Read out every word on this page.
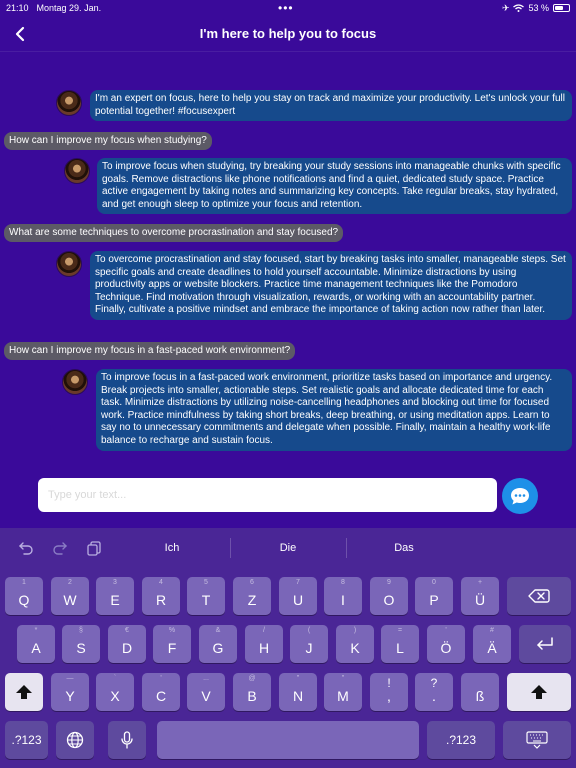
21:10 Montag 29. Jan.	•••	✈ 53 %
I'm here to help you to focus
I'm an expert on focus, here to help you stay on track and maximize your productivity. Let's unlock your full potential together! #focusexpert
How can I improve my focus when studying?
To improve focus when studying, try breaking your study sessions into manageable chunks with specific goals. Remove distractions like phone notifications and find a quiet, dedicated study space. Practice active engagement by taking notes and summarizing key concepts. Take regular breaks, stay hydrated, and get enough sleep to optimize your focus and retention.
What are some techniques to overcome procrastination and stay focused?
To overcome procrastination and stay focused, start by breaking tasks into smaller, manageable steps. Set specific goals and create deadlines to hold yourself accountable. Minimize distractions by using productivity apps or website blockers. Practice time management techniques like the Pomodoro Technique. Find motivation through visualization, rewards, or working with an accountability partner. Finally, cultivate a positive mindset and embrace the importance of taking action now rather than later.
How can I improve my focus in a fast-paced work environment?
To improve focus in a fast-paced work environment, prioritize tasks based on importance and urgency. Break projects into smaller, actionable steps. Set realistic goals and allocate dedicated time for each task. Minimize distractions by utilizing noise-cancelling headphones and blocking out time for focused work. Practice mindfulness by taking short breaks, deep breathing, or using meditation apps. Learn to say no to unnecessary commitments and delegate when possible. Finally, maintain a healthy work-life balance to recharge and sustain focus.
Type your text...
Ich	Die	Das
1
Q
2
W
3
E
4
R
5
T
6
Z
7
U
8
I
9
O
0
P
+
Ü
*
A
§
S
€
D
%
F
&
G
/
H
(
J
)
K
=
L
'
Ö
#
Ä
—
Y
`
X
'
C
...
V
@
B
"
N
"
M
!
,
?
.	ß
.?123	.?123
